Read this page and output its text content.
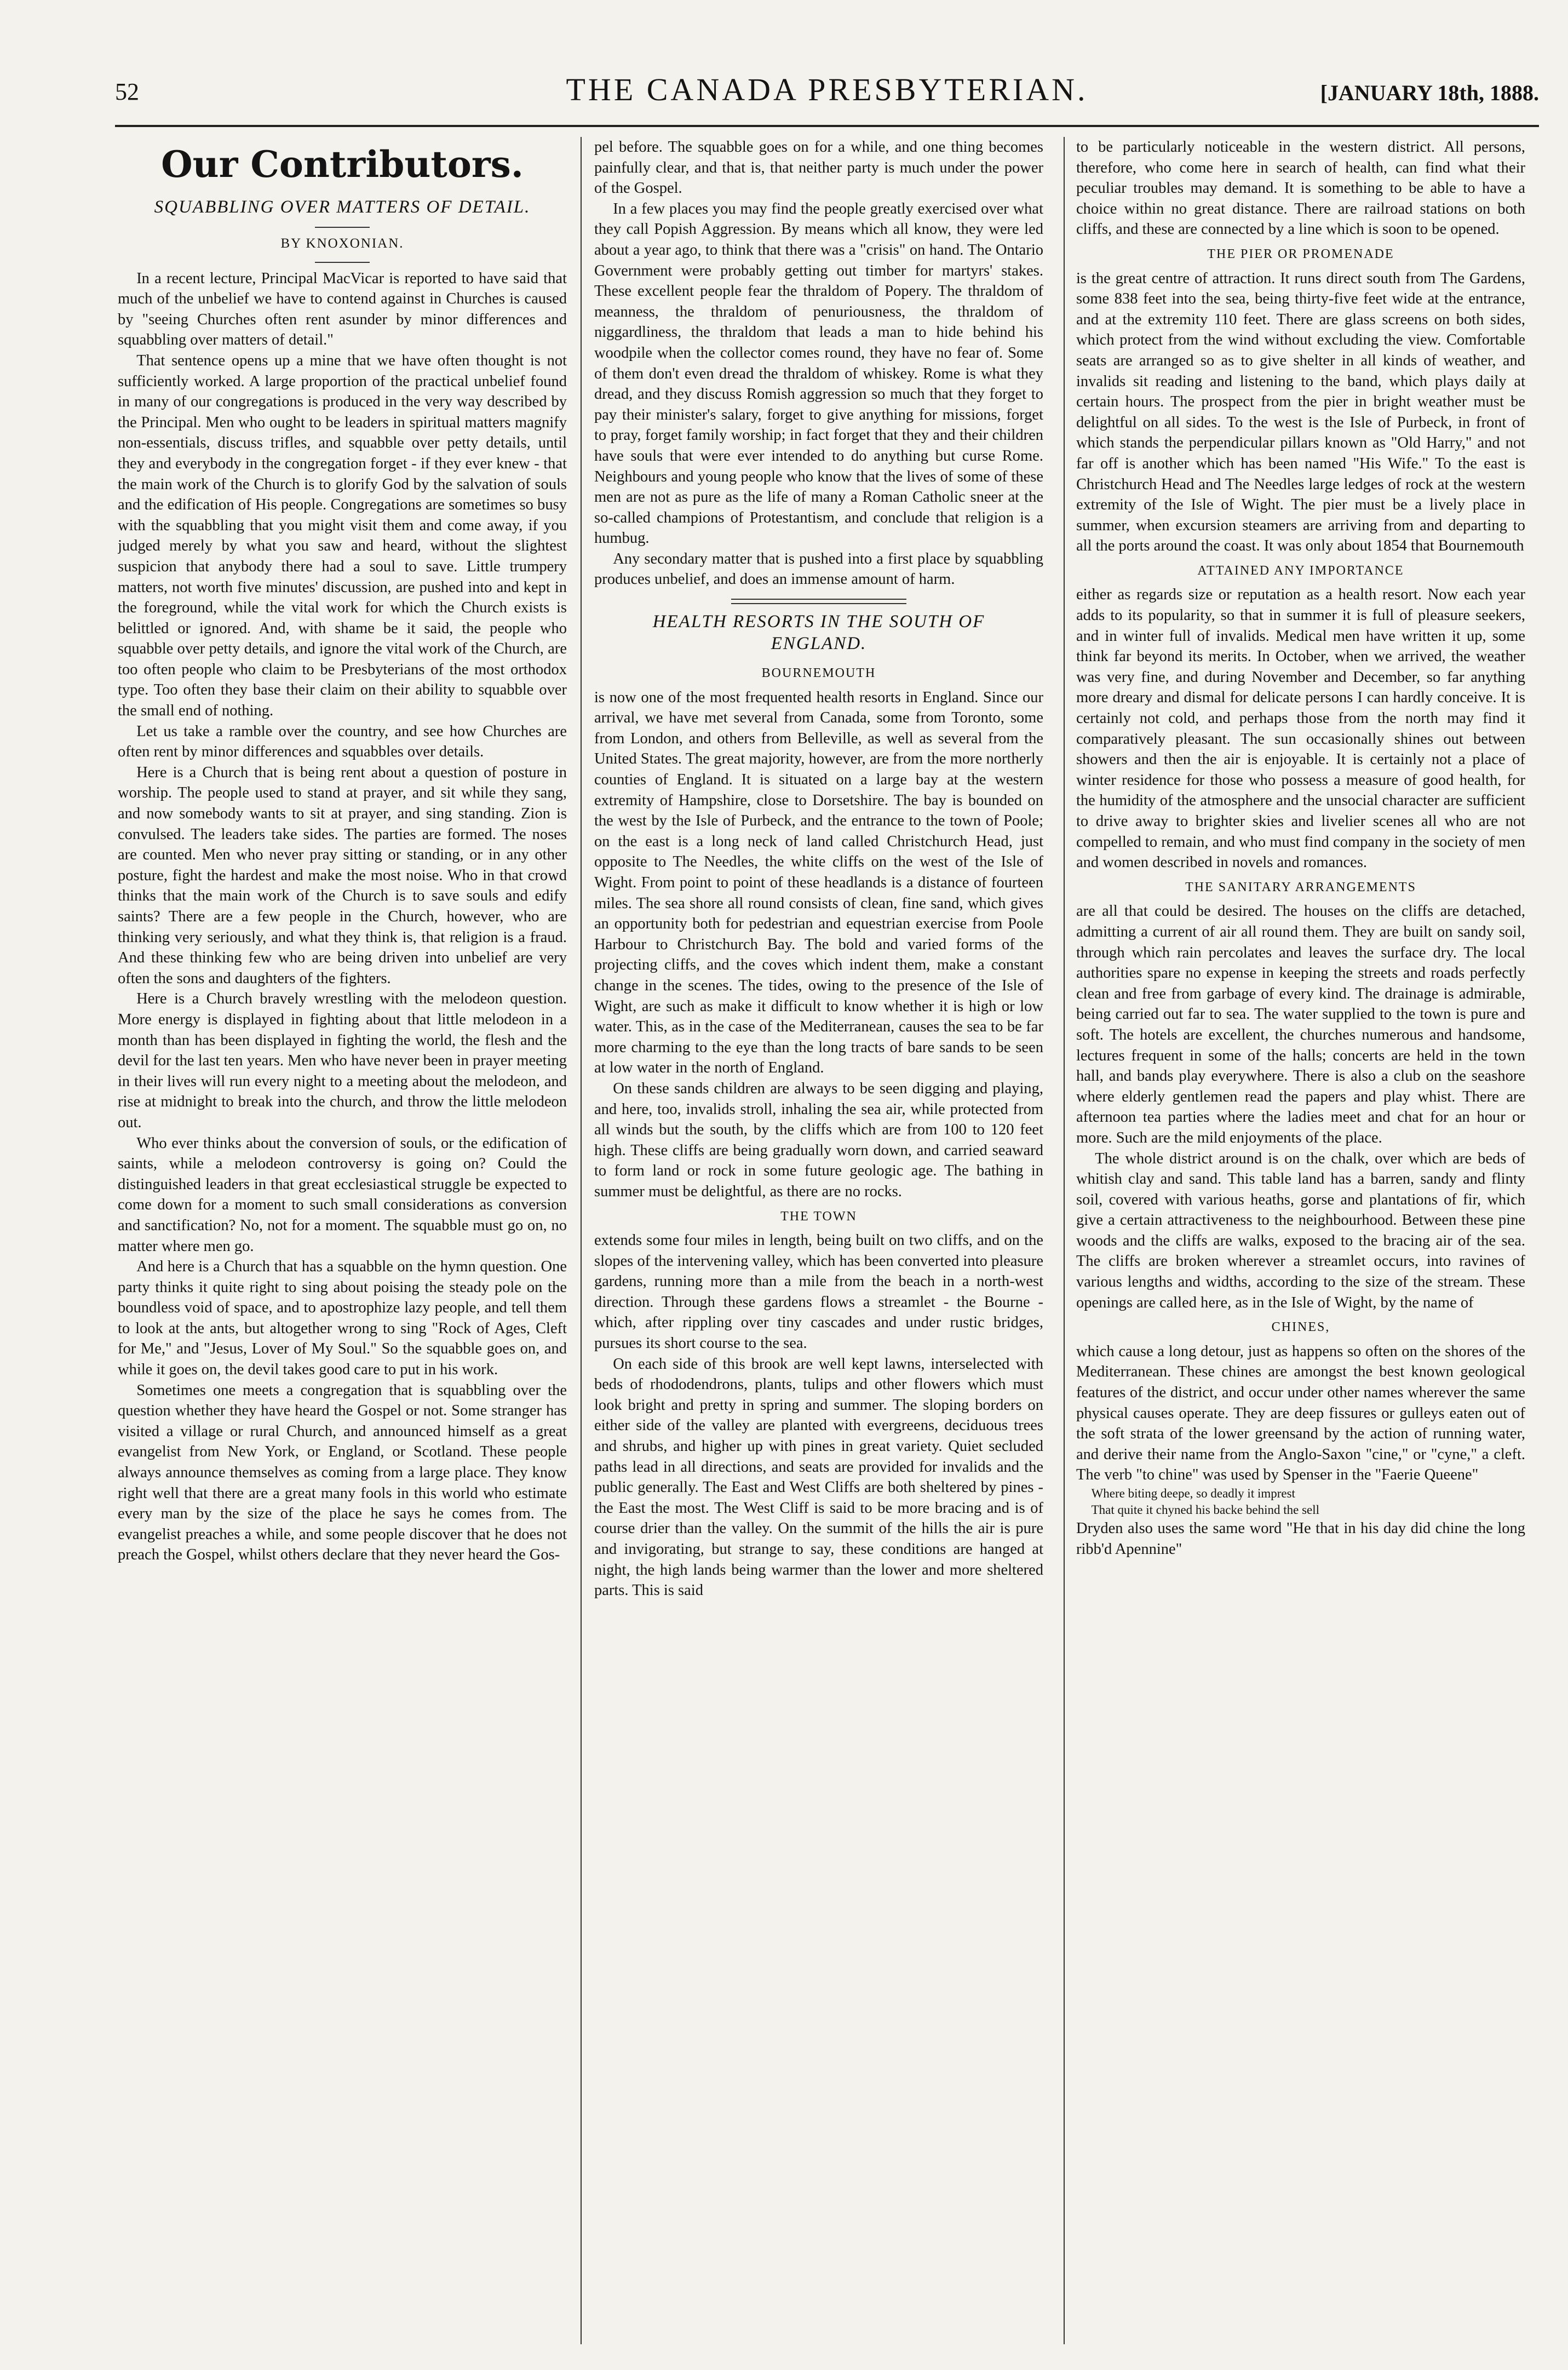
52	THE CANADA PRESBYTERIAN.	[JANUARY 18th, 1888.
Our Contributors.
SQUABBLING OVER MATTERS OF DETAIL.
BY KNOXONIAN.

In a recent lecture, Principal MacVicar is reported to have said that much of the unbelief we have to contend against in Churches is caused by "seeing Churches often rent asunder by minor differences and squabbling over matters of detail."

That sentence opens up a mine that we have often thought is not sufficiently worked. A large proportion of the practical unbelief found in many of our congregations is produced in the very way described by the Principal. Men who ought to be leaders in spiritual matters magnify non-essentials, discuss trifles, and squabble over petty details, until they and everybody in the congregation forget - if they ever knew - that the main work of the Church is to glorify God by the salvation of souls and the edification of His people. Congregations are sometimes so busy with the squabbling that you might visit them and come away, if you judged merely by what you saw and heard, without the slightest suspicion that anybody there had a soul to save. Little trumpery matters, not worth five minutes' discussion, are pushed into and kept in the foreground, while the vital work for which the Church exists is belittled or ignored. And, with shame be it said, the people who squabble over petty details, and ignore the vital work of the Church, are too often people who claim to be Presbyterians of the most orthodox type. Too often they base their claim on their ability to squabble over the small end of nothing.

Let us take a ramble over the country, and see how Churches are often rent by minor differences and squabbles over details.

Here is a Church that is being rent about a question of posture in worship. The people used to stand at prayer, and sit while they sang, and now somebody wants to sit at prayer, and sing standing. Zion is convulsed. The leaders take sides. The parties are formed. The noses are counted. Men who never pray sitting or standing, or in any other posture, fight the hardest and make the most noise. Who in that crowd thinks that the main work of the Church is to save souls and edify saints? There are a few people in the Church, however, who are thinking very seriously, and what they think is, that religion is a fraud. And these thinking few who are being driven into unbelief are very often the sons and daughters of the fighters.

Here is a Church bravely wrestling with the melodeon question. More energy is displayed in fighting about that little melodeon in a month than has been displayed in fighting the world, the flesh and the devil for the last ten years. Men who have never been in prayer meeting in their lives will run every night to a meeting about the melodeon, and rise at midnight to break into the church, and throw the little melodeon out.

Who ever thinks about the conversion of souls, or the edification of saints, while a melodeon controversy is going on? Could the distinguished leaders in that great ecclesiastical struggle be expected to come down for a moment to such small considerations as conversion and sanctification? No, not for a moment. The squabble must go on, no matter where men go.

And here is a Church that has a squabble on the hymn question. One party thinks it quite right to sing about poising the steady pole on the boundless void of space, and to apostrophize lazy people, and tell them to look at the ants, but altogether wrong to sing "Rock of Ages, Cleft for Me," and "Jesus, Lover of My Soul." So the squabble goes on, and while it goes on, the devil takes good care to put in his work.

Sometimes one meets a congregation that is squabbling over the question whether they have heard the Gospel or not. Some stranger has visited a village or rural Church, and announced himself as a great evangelist from New York, or England, or Scotland. These people always announce themselves as coming from a large place. They know right well that there are a great many fools in this world who estimate every man by the size of the place he says he comes from. The evangelist preaches a while, and some people discover that he does not preach the Gospel, whilst others declare that they never heard the Gos-

pel before. The squabble goes on for a while, and one thing becomes painfully clear, and that is, that neither party is much under the power of the Gospel.

In a few places you may find the people greatly exercised over what they call Popish Aggression. By means which all know, they were led about a year ago, to think that there was a "crisis" on hand. The Ontario Government were probably getting out timber for martyrs' stakes. These excellent people fear the thraldom of Popery. The thraldom of meanness, the thraldom of penuriousness, the thraldom of niggardliness, the thraldom that leads a man to hide behind his woodpile when the collector comes round, they have no fear of. Some of them don't even dread the thraldom of whiskey. Rome is what they dread, and they discuss Romish aggression so much that they forget to pay their minister's salary, forget to give anything for missions, forget to pray, forget family worship; in fact forget that they and their children have souls that were ever intended to do anything but curse Rome. Neighbours and young people who know that the lives of some of these men are not as pure as the life of many a Roman Catholic sneer at the so-called champions of Protestantism, and conclude that religion is a humbug.

Any secondary matter that is pushed into a first place by squabbling produces unbelief, and does an immense amount of harm.

HEALTH RESORTS IN THE SOUTH OF ENGLAND.
BOURNEMOUTH

is now one of the most frequented health resorts in England. Since our arrival, we have met several from Canada, some from Toronto, some from London, and others from Belleville, as well as several from the United States. The great majority, however, are from the more northerly counties of England. It is situated on a large bay at the western extremity of Hampshire, close to Dorsetshire. The bay is bounded on the west by the Isle of Purbeck, and the entrance to the town of Poole; on the east is a long neck of land called Christchurch Head, just opposite to The Needles, the white cliffs on the west of the Isle of Wight. From point to point of these headlands is a distance of fourteen miles. The sea shore all round consists of clean, fine sand, which gives an opportunity both for pedestrian and equestrian exercise from Poole Harbour to Christchurch Bay. The bold and varied forms of the projecting cliffs, and the coves which indent them, make a constant change in the scenes. The tides, owing to the presence of the Isle of Wight, are such as make it difficult to know whether it is high or low water. This, as in the case of the Mediterranean, causes the sea to be far more charming to the eye than the long tracts of bare sands to be seen at low water in the north of England.

On these sands children are always to be seen digging and playing, and here, too, invalids stroll, inhaling the sea air, while protected from all winds but the south, by the cliffs which are from 100 to 120 feet high. These cliffs are being gradually worn down, and carried seaward to form land or rock in some future geologic age. The bathing in summer must be delightful, as there are no rocks.

THE TOWN

extends some four miles in length, being built on two cliffs, and on the slopes of the intervening valley, which has been converted into pleasure gardens, running more than a mile from the beach in a north-west direction. Through these gardens flows a streamlet - the Bourne - which, after rippling over tiny cascades and under rustic bridges, pursues its short course to the sea.

On each side of this brook are well kept lawns, interselected with beds of rhododendrons, plants, tulips and other flowers which must look bright and pretty in spring and summer. The sloping borders on either side of the valley are planted with evergreens, deciduous trees and shrubs, and higher up with pines in great variety. Quiet secluded paths lead in all directions, and seats are provided for invalids and the public generally. The East and West Cliffs are both sheltered by pines - the East the most. The West Cliff is said to be more bracing and is of course drier than the valley. On the summit of the hills the air is pure and invigorating, but strange to say, these conditions are hanged at night, the high lands being warmer than the lower and more sheltered parts. This is said

to be particularly noticeable in the western district. All persons, therefore, who come here in search of health, can find what their peculiar troubles may demand. It is something to be able to have a choice within no great distance. There are railroad stations on both cliffs, and these are connected by a line which is soon to be opened.

THE PIER OR PROMENADE

is the great centre of attraction. It runs direct south from The Gardens, some 838 feet into the sea, being thirty-five feet wide at the entrance, and at the extremity 110 feet. There are glass screens on both sides, which protect from the wind without excluding the view. Comfortable seats are arranged so as to give shelter in all kinds of weather, and invalids sit reading and listening to the band, which plays daily at certain hours. The prospect from the pier in bright weather must be delightful on all sides. To the west is the Isle of Purbeck, in front of which stands the perpendicular pillars known as "Old Harry," and not far off is another which has been named "His Wife." To the east is Christchurch Head and The Needles large ledges of rock at the western extremity of the Isle of Wight. The pier must be a lively place in summer, when excursion steamers are arriving from and departing to all the ports around the coast. It was only about 1854 that Bournemouth

ATTAINED ANY IMPORTANCE

either as regards size or reputation as a health resort. Now each year adds to its popularity, so that in summer it is full of pleasure seekers, and in winter full of invalids. Medical men have written it up, some think far beyond its merits. In October, when we arrived, the weather was very fine, and during November and December, so far anything more dreary and dismal for delicate persons I can hardly conceive. It is certainly not cold, and perhaps those from the north may find it comparatively pleasant. The sun occasionally shines out between showers and then the air is enjoyable. It is certainly not a place of winter residence for those who possess a measure of good health, for the humidity of the atmosphere and the unsocial character are sufficient to drive away to brighter skies and livelier scenes all who are not compelled to remain, and who must find company in the society of men and women described in novels and romances.

THE SANITARY ARRANGEMENTS

are all that could be desired. The houses on the cliffs are detached, admitting a current of air all round them. They are built on sandy soil, through which rain percolates and leaves the surface dry. The local authorities spare no expense in keeping the streets and roads perfectly clean and free from garbage of every kind. The drainage is admirable, being carried out far to sea. The water supplied to the town is pure and soft. The hotels are excellent, the churches numerous and handsome, lectures frequent in some of the halls; concerts are held in the town hall, and bands play everywhere. There is also a club on the seashore where elderly gentlemen read the papers and play whist. There are afternoon tea parties where the ladies meet and chat for an hour or more. Such are the mild enjoyments of the place.

The whole district around is on the chalk, over which are beds of whitish clay and sand. This table land has a barren, sandy and flinty soil, covered with various heaths, gorse and plantations of fir, which give a certain attractiveness to the neighbourhood. Between these pine woods and the cliffs are walks, exposed to the bracing air of the sea. The cliffs are broken wherever a streamlet occurs, into ravines of various lengths and widths, according to the size of the stream. These openings are called here, as in the Isle of Wight, by the name of

CHINES,

which cause a long detour, just as happens so often on the shores of the Mediterranean. These chines are amongst the best known geological features of the district, and occur under other names wherever the same physical causes operate. They are deep fissures or gulleys eaten out of the soft strata of the lower greensand by the action of running water, and derive their name from the Anglo-Saxon "cine," or "cyne," a cleft. The verb "to chine" was used by Spenser in the "Faerie Queene"

Where biting deepe, so deadly it imprest

That quite it chyned his backe behind the sell

Dryden also uses the same word "He that in his day did chine the long ribb'd Apennine"
